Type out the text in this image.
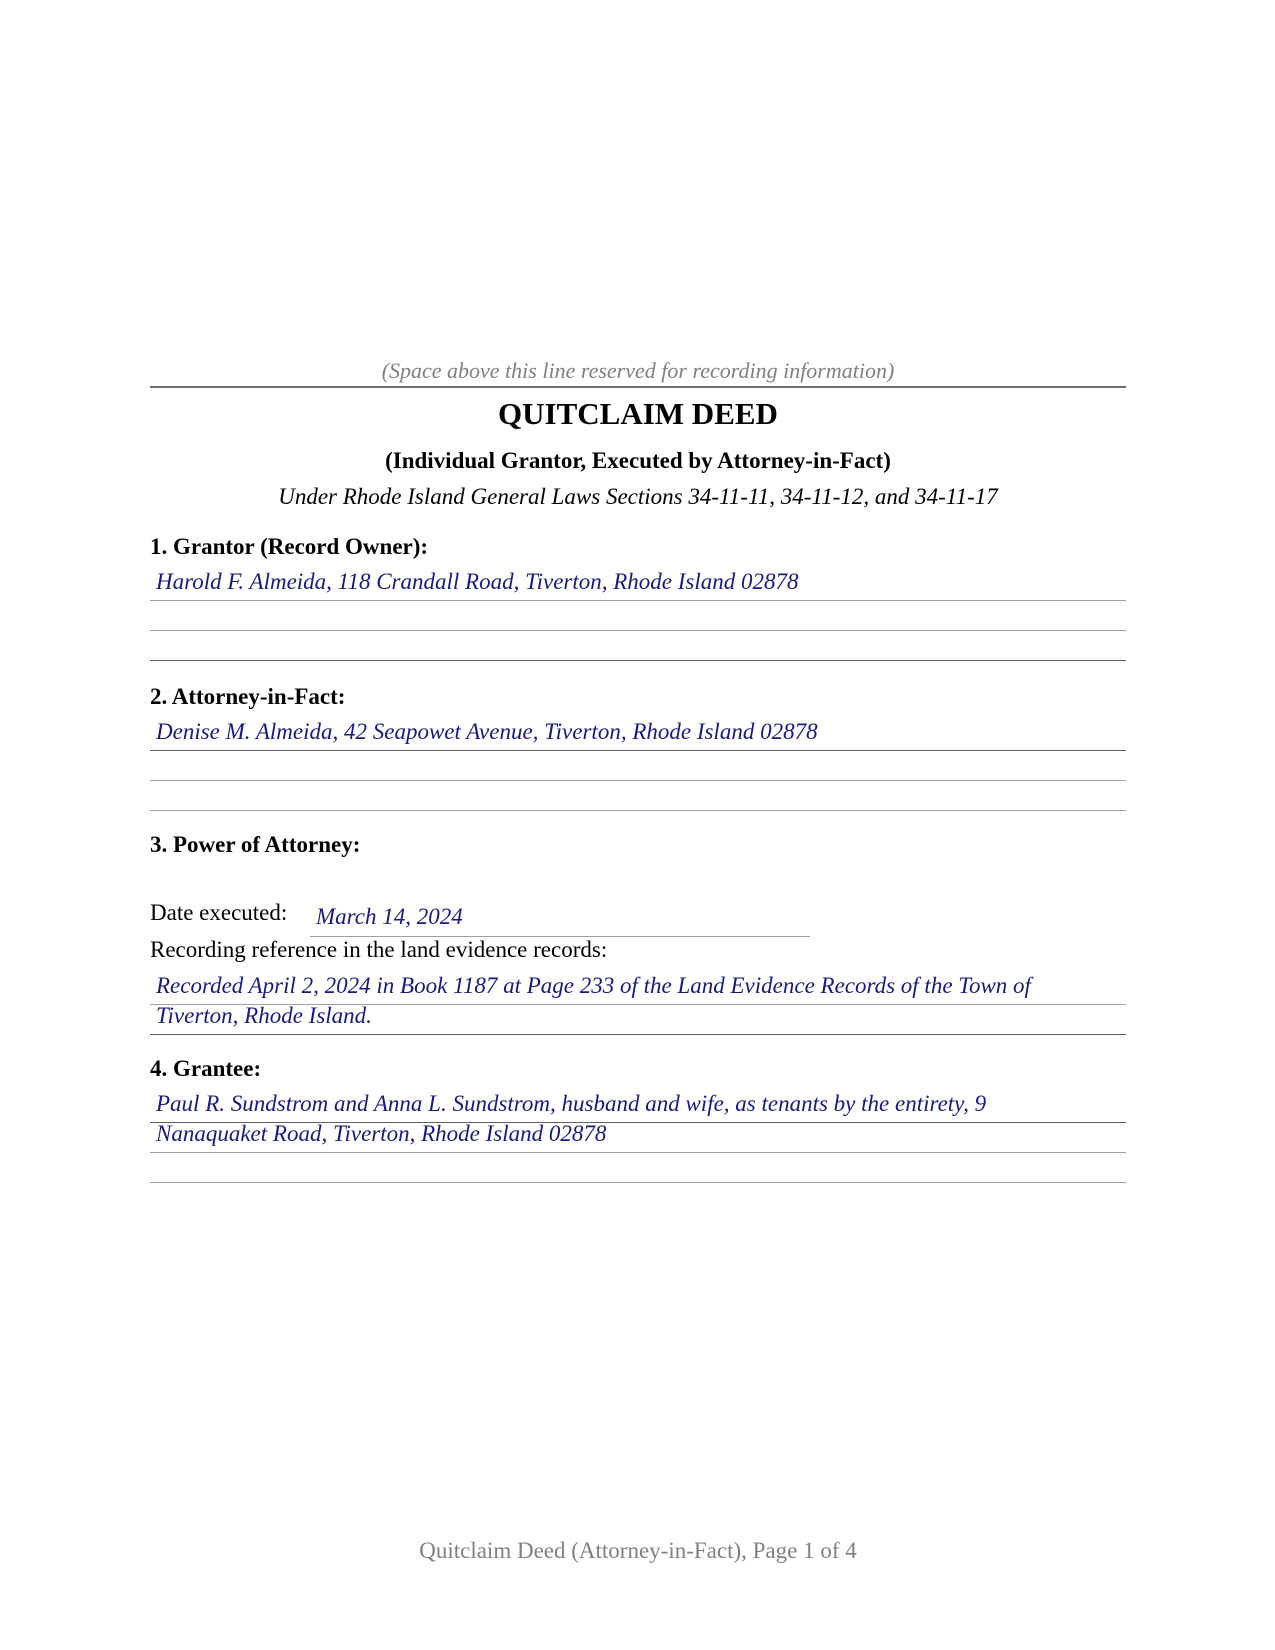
(Space above this line reserved for recording information)
QUITCLAIM DEED
(Individual Grantor, Executed by Attorney-in-Fact)
Under Rhode Island General Laws Sections 34-11-11, 34-11-12, and 34-11-17
1. Grantor (Record Owner):
Harold F. Almeida, 118 Crandall Road, Tiverton, Rhode Island 02878
2. Attorney-in-Fact:
Denise M. Almeida, 42 Seapowet Avenue, Tiverton, Rhode Island 02878
3. Power of Attorney:
Date executed: March 14, 2024
Recording reference in the land evidence records:
Recorded April 2, 2024 in Book 1187 at Page 233 of the Land Evidence Records of the Town of
Tiverton, Rhode Island.
4. Grantee:
Paul R. Sundstrom and Anna L. Sundstrom, husband and wife, as tenants by the entirety, 9
Nanaquaket Road, Tiverton, Rhode Island 02878
Quitclaim Deed (Attorney-in-Fact), Page 1 of 4
